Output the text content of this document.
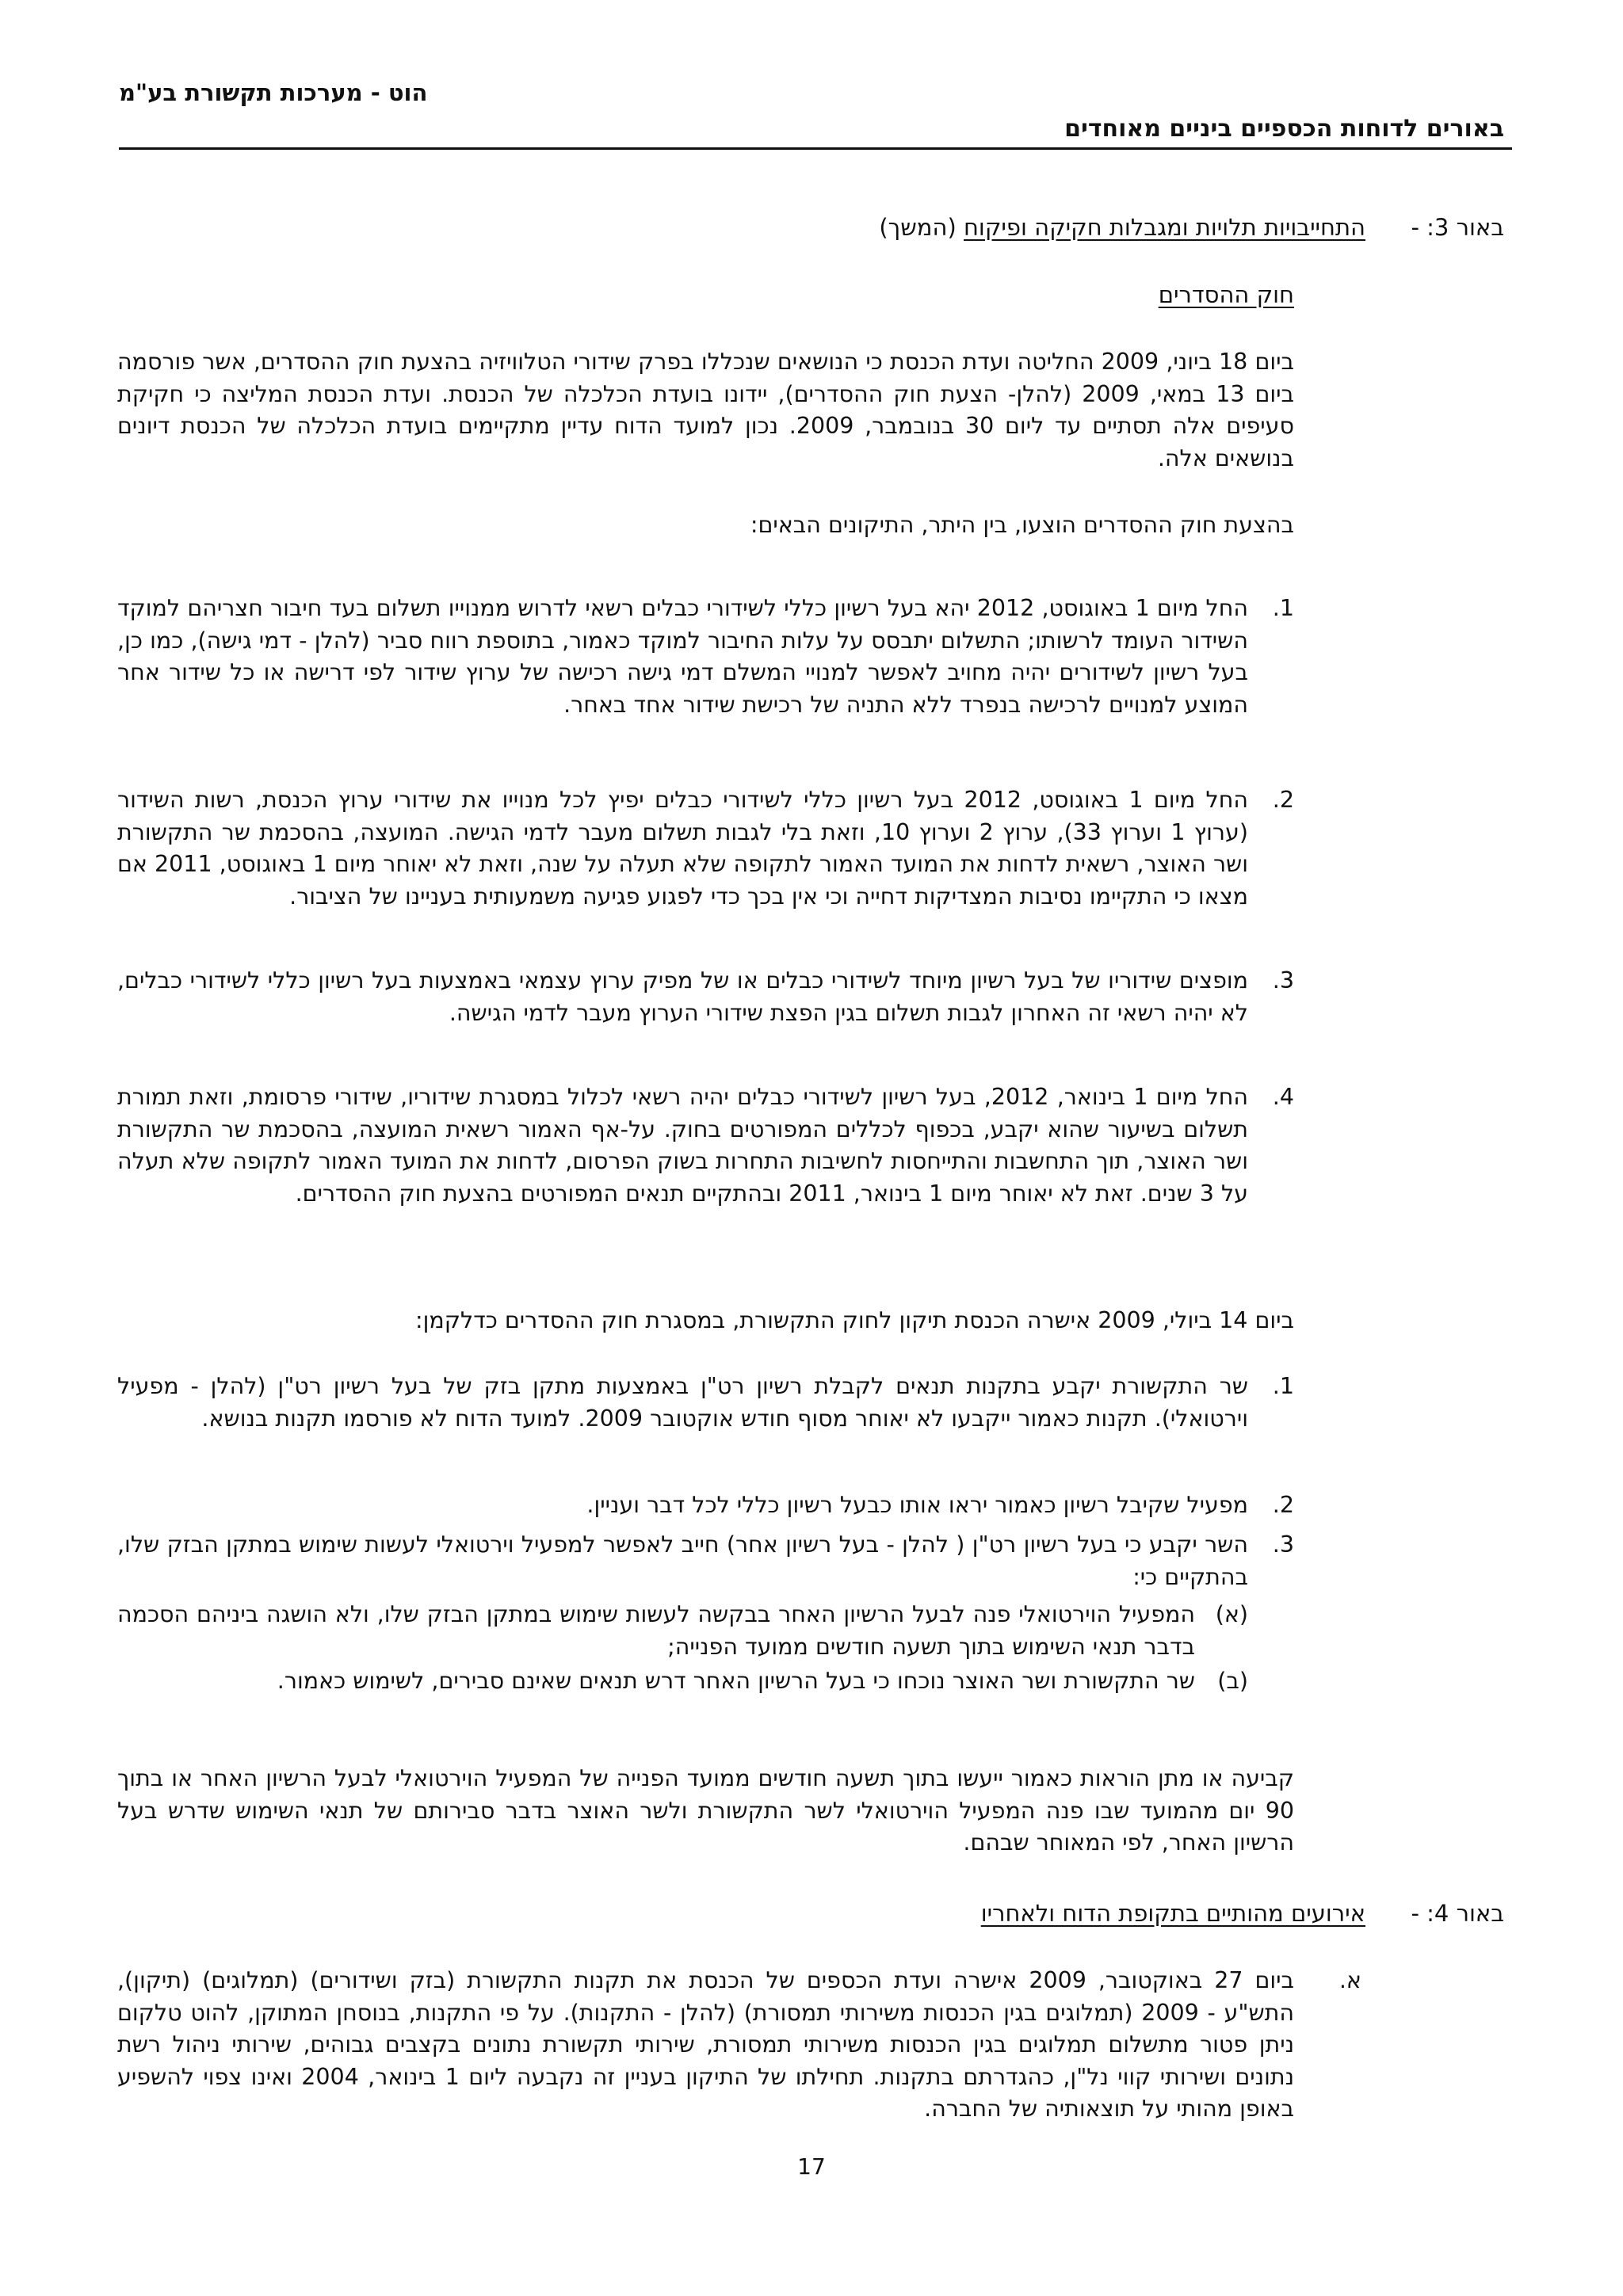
הוט - מערכות תקשורת בע"מ
באורים לדוחות הכספיים ביניים מאוחדים
באור 3: -
התחייבויות תלויות ומגבלות חקיקה ופיקוח (המשך)
חוק ההסדרים
ביום 18 ביוני, 2009 החליטה ועדת הכנסת כי הנושאים שנכללו בפרק שידורי הטלוויזיה בהצעת חוק ההסדרים, אשר פורסמה ביום 13 במאי, 2009 (להלן- הצעת חוק ההסדרים), יידונו בועדת הכלכלה של הכנסת. ועדת הכנסת המליצה כי חקיקת סעיפים אלה תסתיים עד ליום 30 בנובמבר, 2009. נכון למועד הדוח עדיין מתקיימים בועדת הכלכלה של הכנסת דיונים בנושאים אלה.
בהצעת חוק ההסדרים הוצעו, בין היתר, התיקונים הבאים:
.1
החל מיום 1 באוגוסט, 2012 יהא בעל רשיון כללי לשידורי כבלים רשאי לדרוש ממנוייו תשלום בעד חיבור חצריהם למוקד השידור העומד לרשותו; התשלום יתבסס על עלות החיבור למוקד כאמור, בתוספת רווח סביר (להלן - דמי גישה), כמו כן, בעל רשיון לשידורים יהיה מחויב לאפשר למנויי המשלם דמי גישה רכישה של ערוץ שידור לפי דרישה או כל שידור אחר המוצע למנויים לרכישה בנפרד ללא התניה של רכישת שידור אחד באחר.
.2
החל מיום 1 באוגוסט, 2012 בעל רשיון כללי לשידורי כבלים יפיץ לכל מנוייו את שידורי ערוץ הכנסת, רשות השידור (ערוץ 1 וערוץ 33), ערוץ 2 וערוץ 10, וזאת בלי לגבות תשלום מעבר לדמי הגישה. המועצה, בהסכמת שר התקשורת ושר האוצר, רשאית לדחות את המועד האמור לתקופה שלא תעלה על שנה, וזאת לא יאוחר מיום 1 באוגוסט, 2011 אם מצאו כי התקיימו נסיבות המצדיקות דחייה וכי אין בכך כדי לפגוע פגיעה משמעותית בעניינו של הציבור.
.3
מופצים שידוריו של בעל רשיון מיוחד לשידורי כבלים או של מפיק ערוץ עצמאי באמצעות בעל רשיון כללי לשידורי כבלים, לא יהיה רשאי זה האחרון לגבות תשלום בגין הפצת שידורי הערוץ מעבר לדמי הגישה.
.4
החל מיום 1 בינואר, 2012, בעל רשיון לשידורי כבלים יהיה רשאי לכלול במסגרת שידוריו, שידורי פרסומת, וזאת תמורת תשלום בשיעור שהוא יקבע, בכפוף לכללים המפורטים בחוק. על-אף האמור רשאית המועצה, בהסכמת שר התקשורת ושר האוצר, תוך התחשבות והתייחסות לחשיבות התחרות בשוק הפרסום, לדחות את המועד האמור לתקופה שלא תעלה על 3 שנים. זאת לא יאוחר מיום 1 בינואר, 2011 ובהתקיים תנאים המפורטים בהצעת חוק ההסדרים.
ביום 14 ביולי, 2009 אישרה הכנסת תיקון לחוק התקשורת, במסגרת חוק ההסדרים כדלקמן:
.1
שר התקשורת יקבע בתקנות תנאים לקבלת רשיון רט"ן באמצעות מתקן בזק של בעל רשיון רט"ן (להלן - מפעיל וירטואלי). תקנות כאמור ייקבעו לא יאוחר מסוף חודש אוקטובר 2009. למועד הדוח לא פורסמו תקנות בנושא.
.2
מפעיל שקיבל רשיון כאמור יראו אותו כבעל רשיון כללי לכל דבר ועניין.
.3
השר יקבע כי בעל רשיון רט"ן ( להלן - בעל רשיון אחר) חייב לאפשר למפעיל וירטואלי לעשות שימוש במתקן הבזק שלו, בהתקיים כי:
(א)
המפעיל הוירטואלי פנה לבעל הרשיון האחר בבקשה לעשות שימוש במתקן הבזק שלו, ולא הושגה ביניהם הסכמה בדבר תנאי השימוש בתוך תשעה חודשים ממועד הפנייה;
(ב)
שר התקשורת ושר האוצר נוכחו כי בעל הרשיון האחר דרש תנאים שאינם סבירים, לשימוש כאמור.
קביעה או מתן הוראות כאמור ייעשו בתוך תשעה חודשים ממועד הפנייה של המפעיל הוירטואלי לבעל הרשיון האחר או בתוך 90 יום מהמועד שבו פנה המפעיל הוירטואלי לשר התקשורת ולשר האוצר בדבר סבירותם של תנאי השימוש שדרש בעל הרשיון האחר, לפי המאוחר שבהם.
באור 4: -
אירועים מהותיים בתקופת הדוח ולאחריו
א.
ביום 27 באוקטובר, 2009 אישרה ועדת הכספים של הכנסת את תקנות התקשורת (בזק ושידורים) (תמלוגים) (תיקון), התש"ע - 2009 (תמלוגים בגין הכנסות משירותי תמסורת) (להלן - התקנות). על פי התקנות, בנוסחן המתוקן, להוט טלקום ניתן פטור מתשלום תמלוגים בגין הכנסות משירותי תמסורת, שירותי תקשורת נתונים בקצבים גבוהים, שירותי ניהול רשת נתונים ושירותי קווי נל"ן, כהגדרתם בתקנות. תחילתו של התיקון בעניין זה נקבעה ליום 1 בינואר, 2004 ואינו צפוי להשפיע באופן מהותי על תוצאותיה של החברה.
17
